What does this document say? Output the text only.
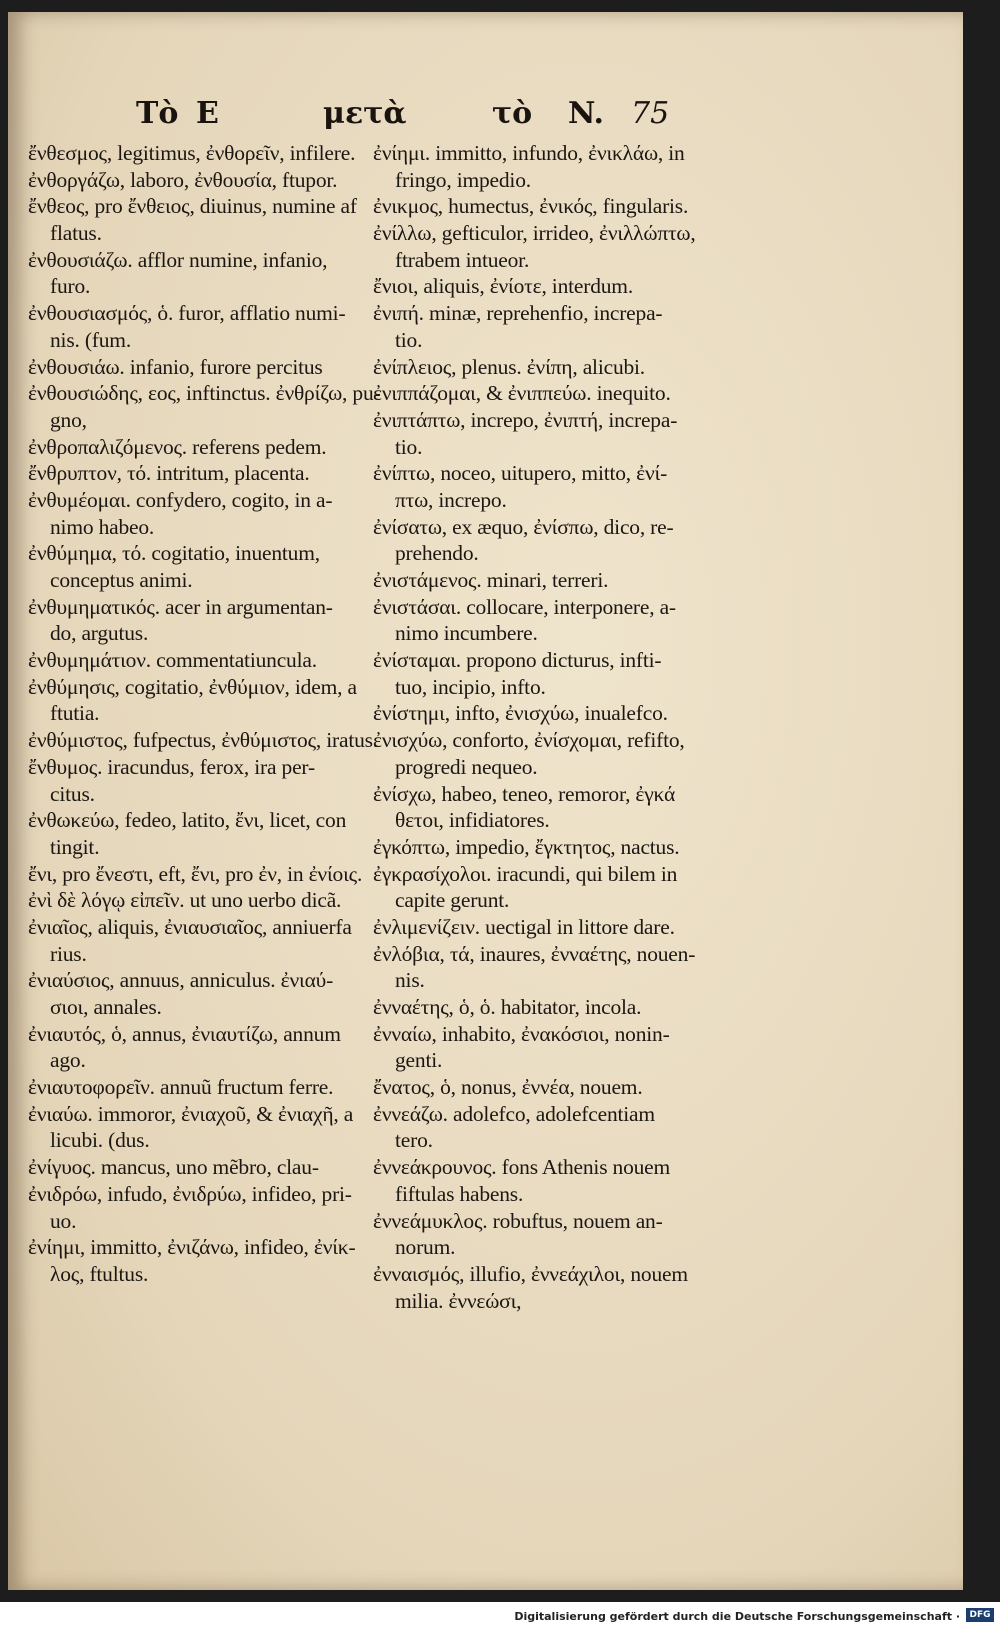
Tὸ E	μετὰ	τὸ N. 75
ἔνθεσμος, legitimus, ἐνθορεῖν, infilere.
ἐνθοργάζω, laboro, ἐνθουσία, ftupor.
ἔνθεος, pro ἔνθειος, diuinus, numine af
flatus.
ἐνθουσιάζω. afflor numine, infanio,
furo.
ἐνθουσιασμός, ὁ. furor, afflatio numi-
nis. (fum.
ἐνθουσιάω. infanio, furore percitus
ἐνθουσιώδης, εος, inftinctus. ἐνθρίζω, pu-
gno,
ἐνθροπαλιζόμενος. referens pedem.
ἔνθρυπτον, τό. intritum, placenta.
ἐνθυμέομαι. confydero, cogito, in a-
nimo habeo.
ἐνθύμημα, τό. cogitatio, inuentum,
conceptus animi.
ἐνθυμηματικός. acer in argumentan-
do, argutus.
ἐνθυμημάτιον. commentatiuncula.
ἐνθύμησις, cogitatio, ἐνθύμιον, idem, a
ftutia.
ἐνθύμιστος, fufpectus, ἐνθύμιστος, iratus.
ἔνθυμος. iracundus, ferox, ira per-
citus.
ἐνθωκεύω, fedeo, latito, ἔνι, licet, con
tingit.
ἔνι, pro ἔνεστι, eft, ἔνι, pro ἐν, in ἐνίοις.
ἐνὶ δὲ λόγῳ εἰπεῖν. ut uno uerbo dicã.
ἐνιαῖος, aliquis, ἐνιαυσιαῖος, anniuerfa
rius.
ἐνιαύσιος, annuus, anniculus. ἐνιαύ-
σιοι, annales.
ἐνιαυτός, ὁ, annus, ἐνιαυτίζω, annum
ago.
ἐνιαυτοφορεῖν. annuũ fructum ferre.
ἐνιαύω. immoror, ἐνιαχοῦ, & ἐνιαχῆ, a
licubi. (dus.
ἐνίγυος. mancus, uno mẽbro, clau-
ἐνιδρόω, infudo, ἐνιδρύω, infideo, pri-
uo.
ἐνίημι, immitto, ἐνιζάνω, infideo, ἐνίκ-
λος, ftultus.
ἐνίημι. immitto, infundo, ἐνικλάω, in
fringo, impedio.
ἐνικμος, humectus, ἐνικός, fingularis.
ἐνίλλω, gefticulor, irrideo, ἐνιλλώπτω,
ftrabem intueor.
ἔνιοι, aliquis, ἐνίοτε, interdum.
ἐνιπή. minæ, reprehenfio, increpa-
tio.
ἐνίπλειος, plenus. ἐνίπη, alicubi.
ἐνιππάζομαι, & ἐνιππεύω. inequito.
ἐνιπτάπτω, increpo, ἐνιπτή, increpa-
tio.
ἐνίπτω, noceo, uitupero, mitto, ἐνί-
πτω, increpo.
ἐνίσατω, ex æquo, ἐνίσπω, dico, re-
prehendo.
ἐνιστάμενος. minari, terreri.
ἐνιστάσαι. collocare, interponere, a-
nimo incumbere.
ἐνίσταμαι. propono dicturus, infti-
tuo, incipio, infto.
ἐνίστημι, infto, ἐνισχύω, inualefco.
ἐνισχύω, conforto, ἐνίσχομαι, refifto,
progredi nequeo.
ἐνίσχω, habeo, teneo, remoror, ἐγκά
θετοι, infidiatores.
ἐγκόπτω, impedio, ἔγκτητος, nactus.
ἐγκρασίχολοι. iracundi, qui bilem in
capite gerunt.
ἐνλιμενίζειν. uectigal in littore dare.
ἐνλόβια, τά, inaures, ἐνναέτης, nouen-
nis.
ἐνναέτης, ὁ, ὁ. habitator, incola.
ἐνναίω, inhabito, ἐνακόσιοι, nonin-
genti.
ἔνατος, ὁ, nonus, ἐννέα, nouem.
ἐννεάζω. adolefco, adolefcentiam
tero.
ἐννεάκρουνος. fons Athenis nouem
fiftulas habens.
ἐννεάμυκλος. robuftus, nouem an-
norum.
ἐνναισμός, illufio, ἐννεάχιλοι, nouem
milia. ἐννεώσι,
Digitalisierung gefördert durch die Deutsche Forschungsgemeinschaft ·	DFG
